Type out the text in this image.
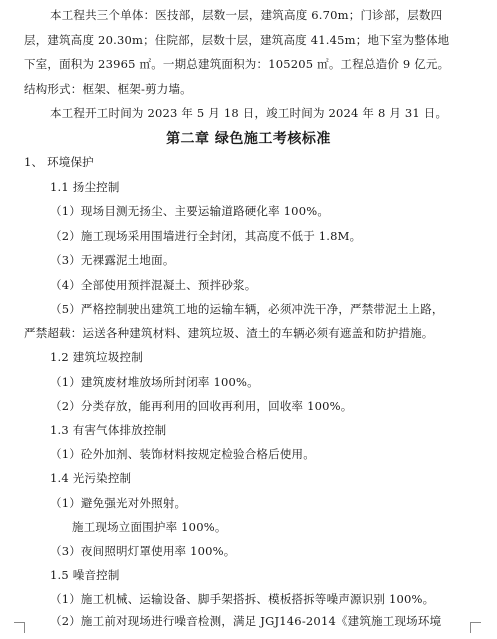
本工程共三个单体：医技部，层数一层，建筑高度 6.70m；门诊部，层数四
层，建筑高度 20.30m；住院部，层数十层，建筑高度 41.45m；地下室为整体地
下室，面积为 23965 ㎡。一期总建筑面积为：105205 ㎡。工程总造价 9 亿元。
结构形式：框架、框架-剪力墙。
本工程开工时间为 2023 年 5 月 18 日，竣工时间为 2024 年 8 月 31 日。
第二章 绿色施工考核标准
1、 环境保护
1.1 扬尘控制
（1）现场目测无扬尘、主要运输道路硬化率 100%。
（2）施工现场采用围墙进行全封闭，其高度不低于 1.8M。
（3）无裸露泥土地面。
（4）全部使用预拌混凝土、预拌砂浆。
（5）严格控制驶出建筑工地的运输车辆，必须冲洗干净，严禁带泥土上路，
严禁超载：运送各种建筑材料、建筑垃圾、渣土的车辆必须有遮盖和防护措施。
1.2 建筑垃圾控制
（1）建筑废材堆放场所封闭率 100%。
（2）分类存放，能再利用的回收再利用，回收率 100%。
1.3 有害气体排放控制
（1）砼外加剂、装饰材料按规定检验合格后使用。
1.4 光污染控制
（1）避免强光对外照射。
施工现场立面围护率 100%。
（3）夜间照明灯罩使用率 100%。
1.5 噪音控制
（1）施工机械、运输设备、脚手架搭拆、模板搭拆等噪声源识别 100%。
（2）施工前对现场进行噪音检测，满足 JGJ146-2014《建筑施工现场环境
